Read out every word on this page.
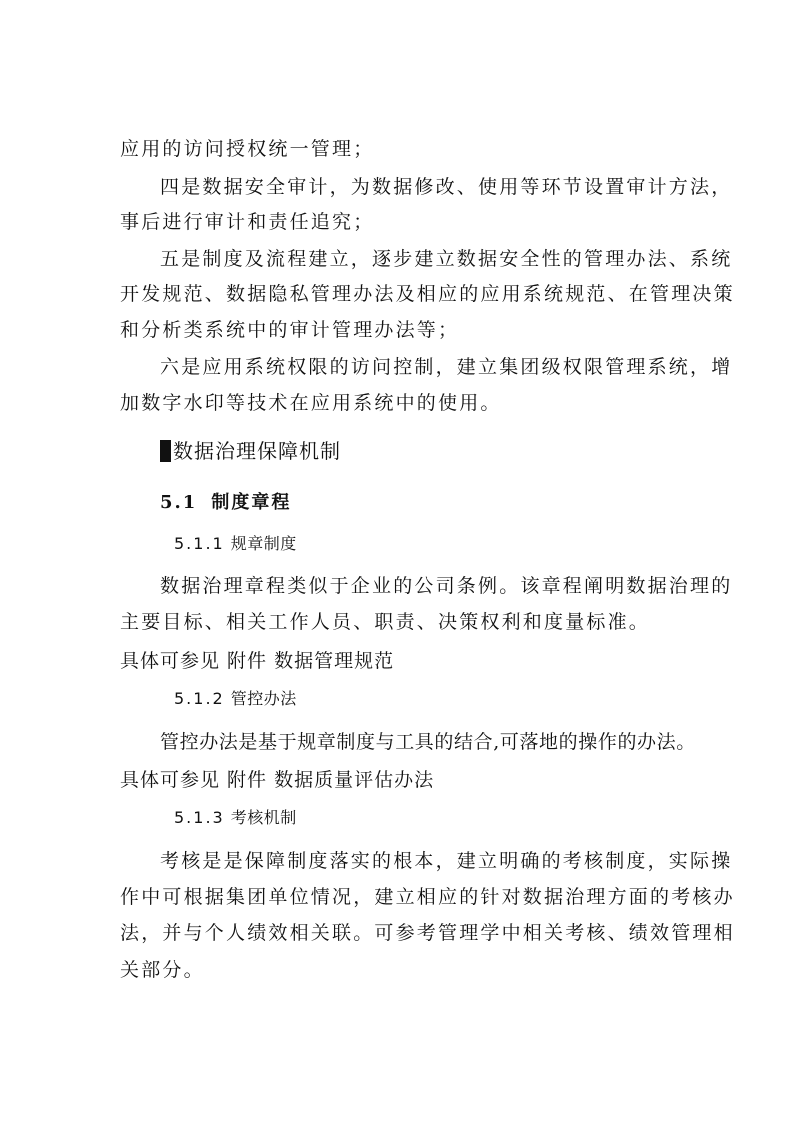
应用的访问授权统一管理；
四是数据安全审计，为数据修改、使用等环节设置审计方法，
事后进行审计和责任追究；
五是制度及流程建立，逐步建立数据安全性的管理办法、系统
开发规范、数据隐私管理办法及相应的应用系统规范、在管理决策
和分析类系统中的审计管理办法等；
六是应用系统权限的访问控制，建立集团级权限管理系统，增
加数字水印等技术在应用系统中的使用。
数据治理保障机制
5.1 制度章程
5.1.1 规章制度
数据治理章程类似于企业的公司条例。该章程阐明数据治理的
主要目标、相关工作人员、职责、决策权利和度量标准。
具体可参见 附件 数据管理规范
5.1.2 管控办法
管控办法是基于规章制度与工具的结合,可落地的操作的办法。
具体可参见 附件 数据质量评估办法
5.1.3 考核机制
考核是是保障制度落实的根本，建立明确的考核制度，实际操
作中可根据集团单位情况，建立相应的针对数据治理方面的考核办
法，并与个人绩效相关联。可参考管理学中相关考核、绩效管理相
关部分。
